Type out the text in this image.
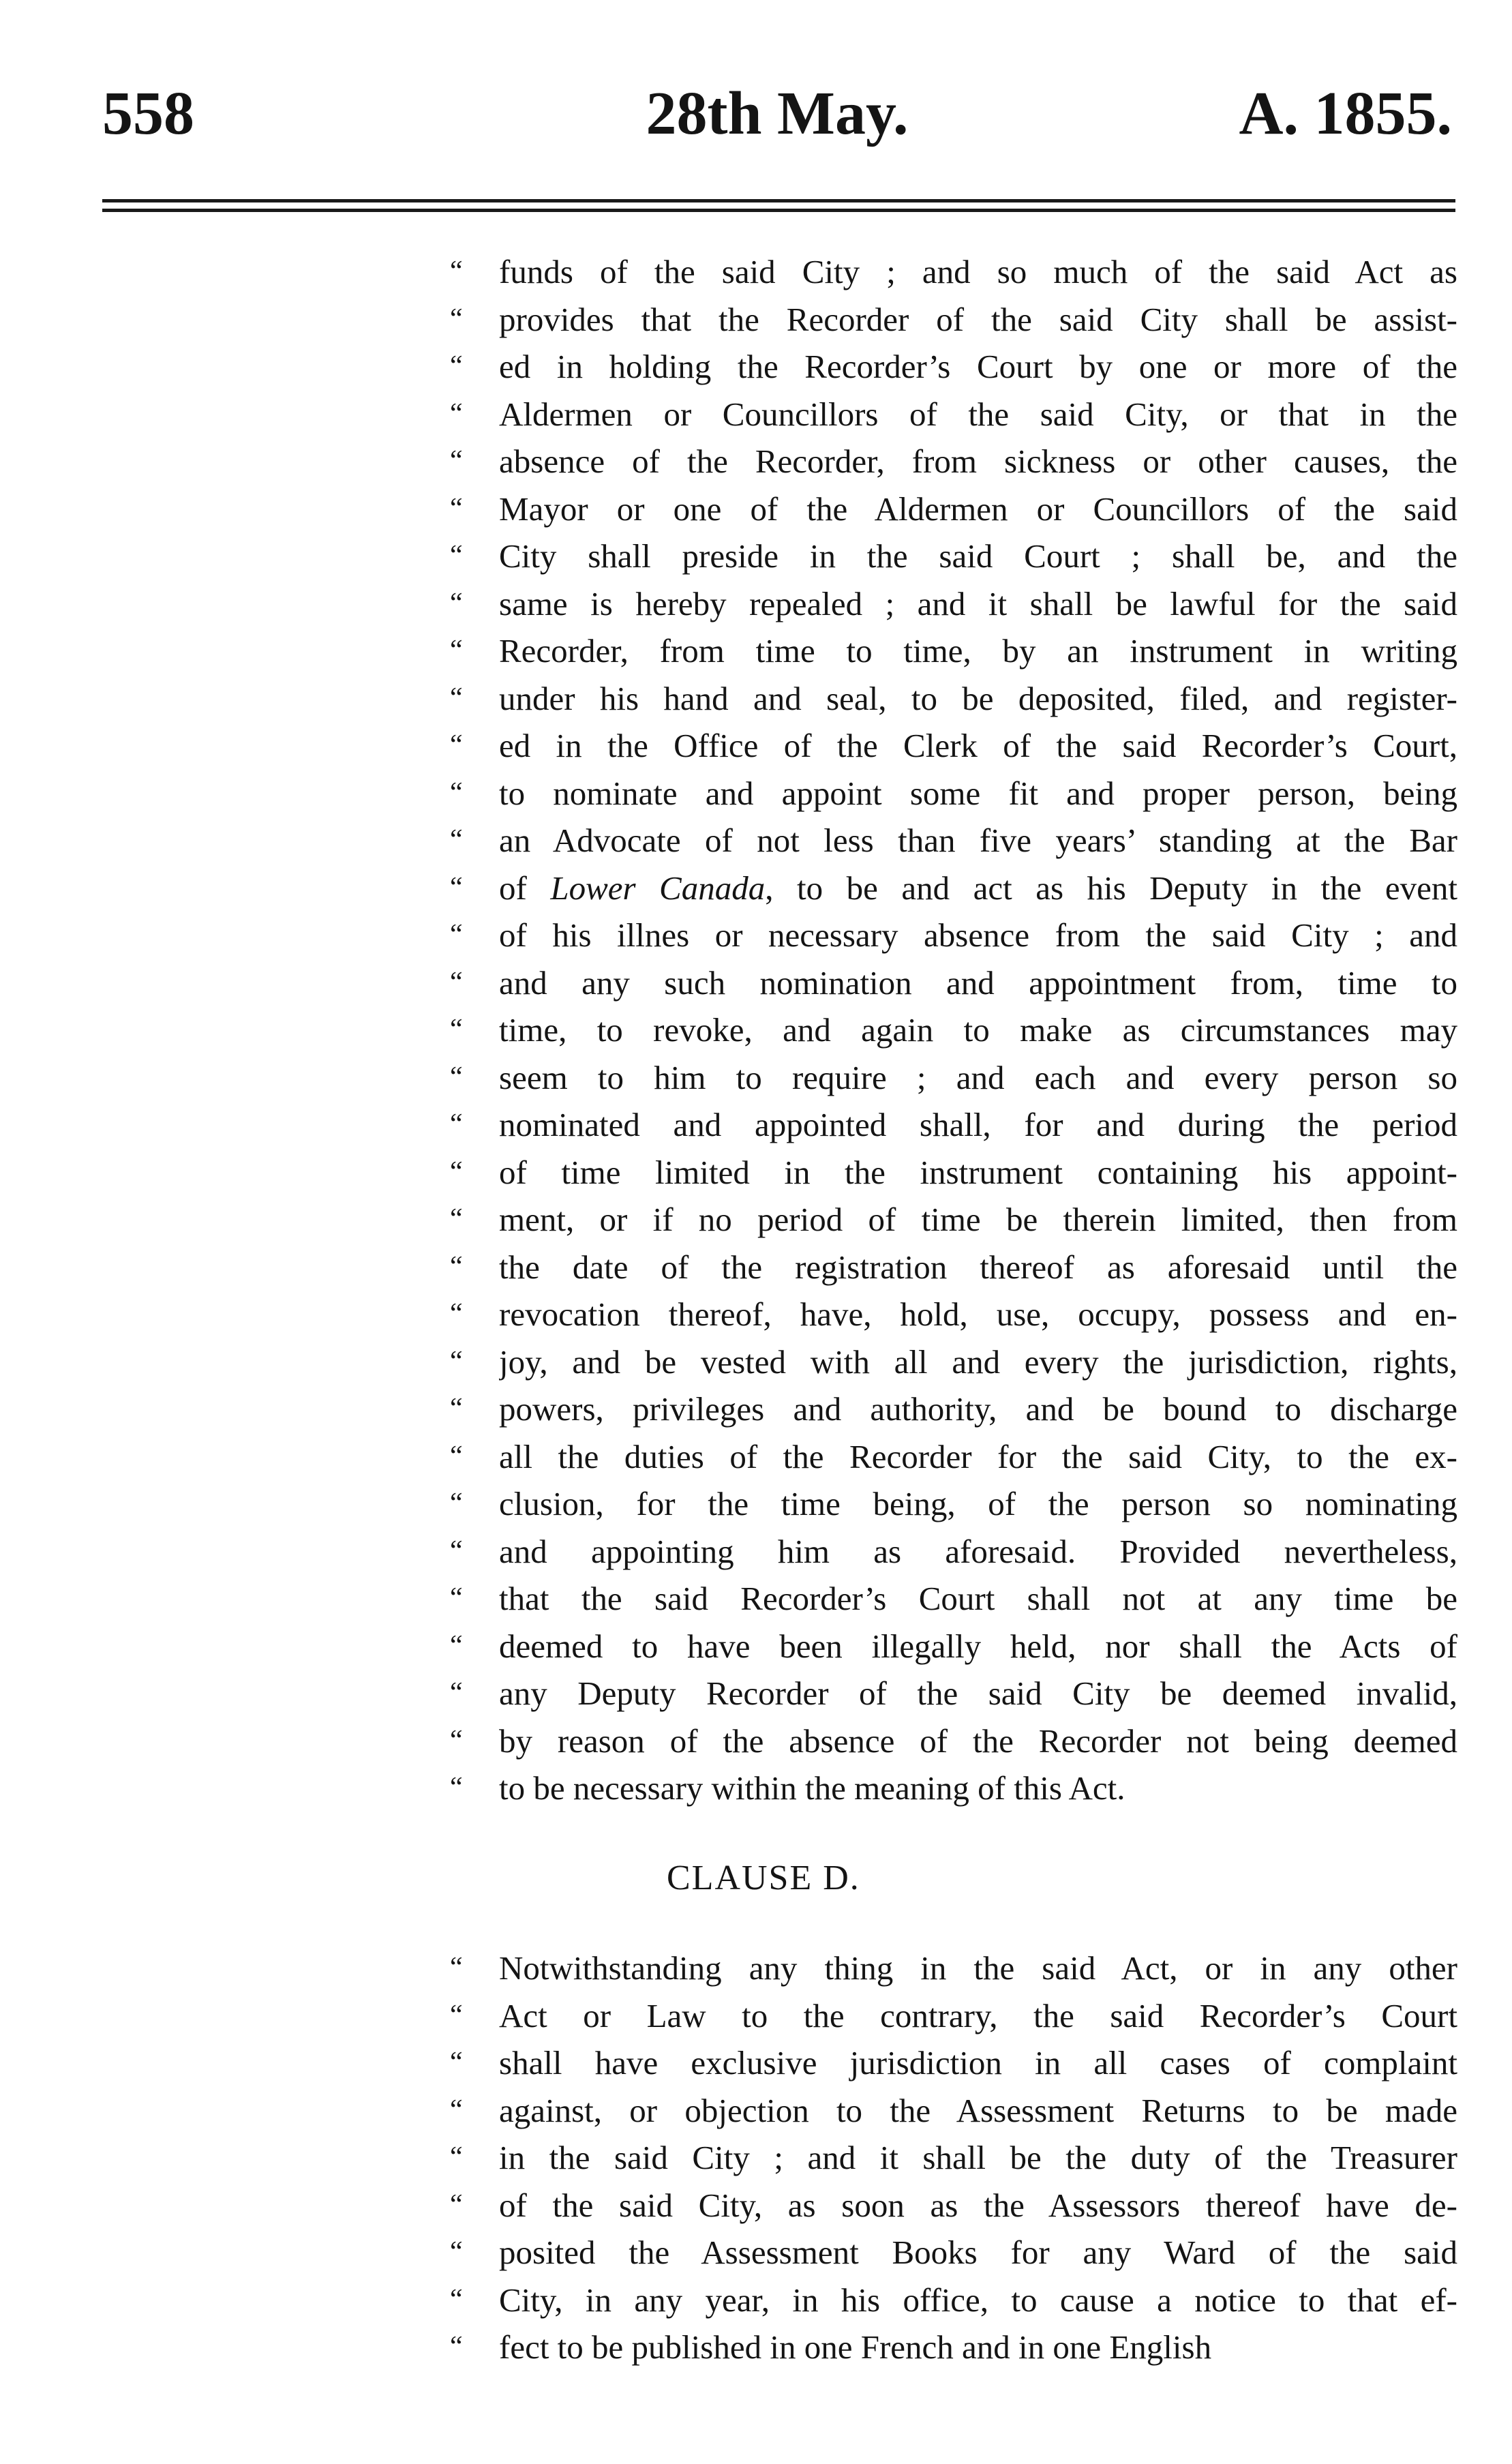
28th May.
558	A. 1855.
“	funds of the said City ; and so much of the said Act as
“	provides that the Recorder of the said City shall be assist-
“	ed in holding the Recorder’s Court by one or more of the
“	Aldermen or Councillors of the said City, or that in the
“	absence of the Recorder, from sickness or other causes, the
“	Mayor or one of the Aldermen or Councillors of the said
“	City shall preside in the said Court ; shall be, and the
“	same is hereby repealed ; and it shall be lawful for the said
“	Recorder, from time to time, by an instrument in writing
“	under his hand and seal, to be deposited, filed, and register-
“	ed in the Office of the Clerk of the said Recorder’s Court,
“	to nominate and appoint some fit and proper person, being
“	an Advocate of not less than five years’ standing at the Bar
“	of Lower Canada, to be and act as his Deputy in the event
“	of his illnes or necessary absence from the said City ; and
“	and any such nomination and appointment from, time to
“	time, to revoke, and again to make as circumstances may
“	seem to him to require ; and each and every person so
“	nominated and appointed shall, for and during the period
“	of time limited in the instrument containing his appoint-
“	ment, or if no period of time be therein limited, then from
“	the date of the registration thereof as aforesaid until the
“	revocation thereof, have, hold, use, occupy, possess and en-
“	joy, and be vested with all and every the jurisdiction, rights,
“	powers, privileges and authority, and be bound to discharge
“	all the duties of the Recorder for the said City, to the ex-
“	clusion, for the time being, of the person so nominating
“	and appointing him as aforesaid. Provided nevertheless,
“	that the said Recorder’s Court shall not at any time be
“	deemed to have been illegally held, nor shall the Acts of
“	any Deputy Recorder of the said City be deemed invalid,
“	by reason of the absence of the Recorder not being deemed
“	to be necessary within the meaning of this Act.
CLAUSE D.
“	Notwithstanding any thing in the said Act, or in any other
“	Act or Law to the contrary, the said Recorder’s Court
“	shall have exclusive jurisdiction in all cases of complaint
“	against, or objection to the Assessment Returns to be made
“	in the said City ; and it shall be the duty of the Treasurer
“	of the said City, as soon as the Assessors thereof have de-
“	posited the Assessment Books for any Ward of the said
“	City, in any year, in his office, to cause a notice to that ef-
“	fect to be published in one French and in one English
